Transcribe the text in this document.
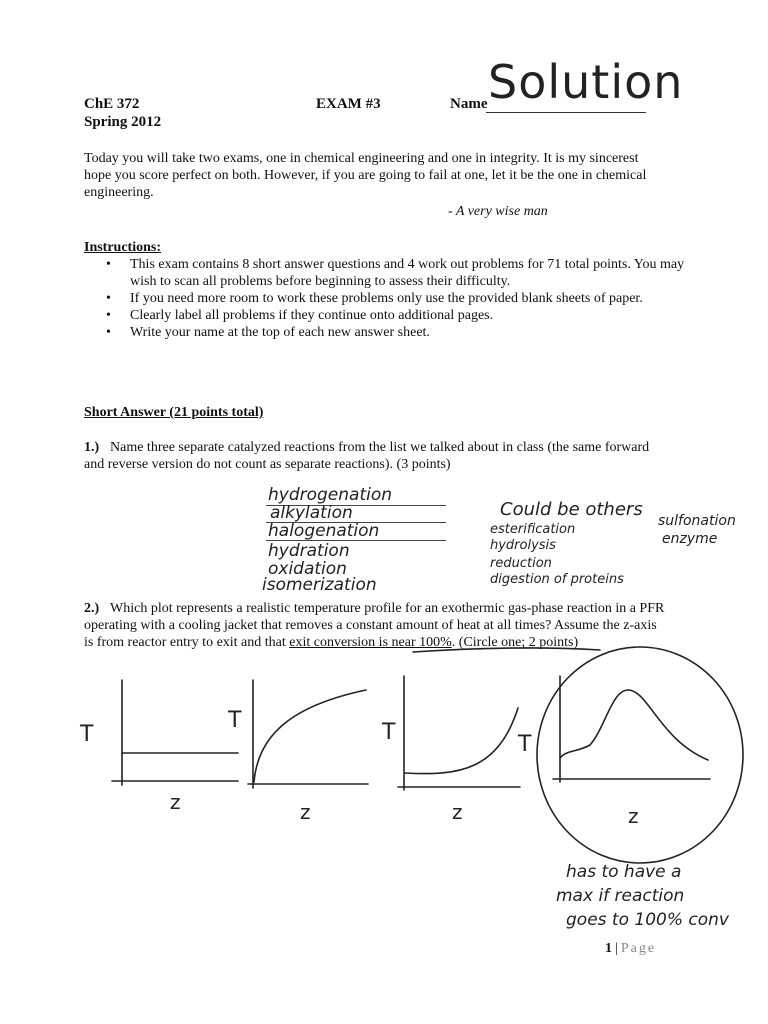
ChE 372
Spring 2012
EXAM #3	Name Solution
Today you will take two exams, one in chemical engineering and one in integrity. It is my sincerest hope you score perfect on both. However, if you are going to fail at one, let it be the one in chemical engineering.
- A very wise man
Instructions:
• This exam contains 8 short answer questions and 4 work out problems for 71 total points. You may wish to scan all problems before beginning to assess their difficulty.
• If you need more room to work these problems only use the provided blank sheets of paper.
• Clearly label all problems if they continue onto additional pages.
• Write your name at the top of each new answer sheet.
Short Answer (21 points total)
1.) Name three separate catalyzed reactions from the list we talked about in class (the same forward and reverse version do not count as separate reactions). (3 points)
hydrogenation
alkylation
halogenation
hydration
oxidation
isomerization
Could be others
esterification
hydrolysis
reduction
digestion of proteins
sulfonation
enzyme
2.) Which plot represents a realistic temperature profile for an exothermic gas-phase reaction in a PFR operating with a cooling jacket that removes a constant amount of heat at all times? Assume the z-axis is from reactor entry to exit and that exit conversion is near 100%. (Circle one; 2 points)
T
T	T	T
z	z	z	z
has to have a
max if reaction
goes to 100% conv
1 | Page
